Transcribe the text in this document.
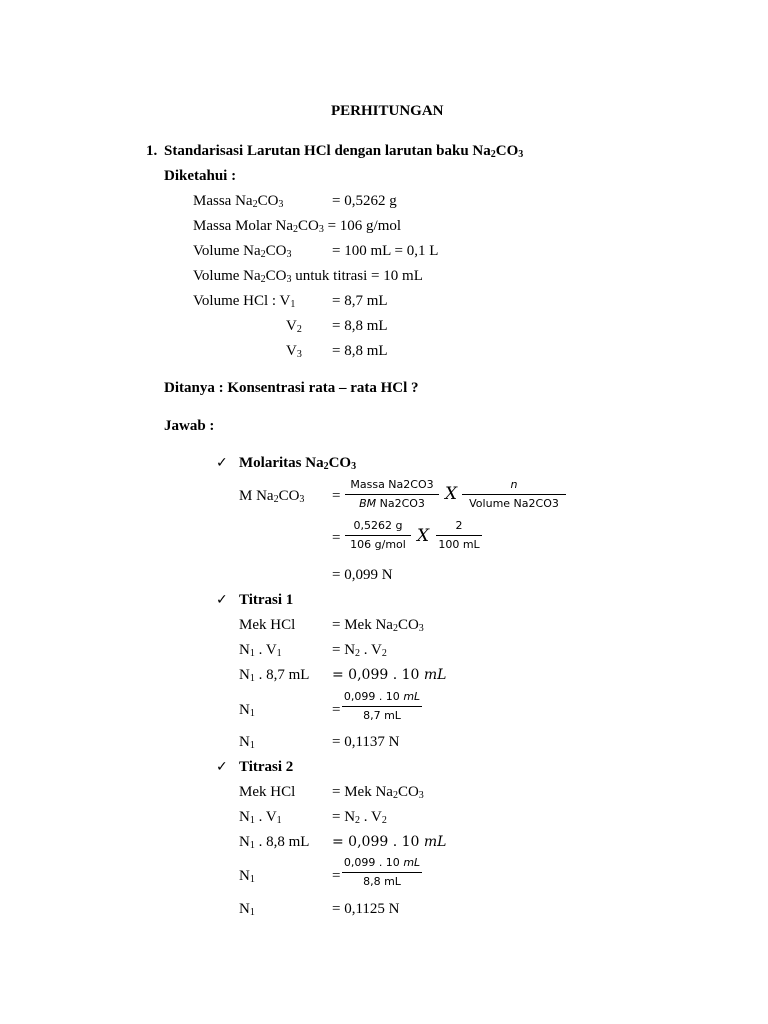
PERHITUNGAN
1. Standarisasi Larutan HCl dengan larutan baku $Na_2CO_3$
Diketahui :
Massa $Na_2CO_3$	= 0,5262 g
Massa Molar $Na_2CO_3 = 106$ g/mol
Volume $Na_2CO_3$	= 100 mL = 0,1 L
Volume $Na_2CO_3$ untuk titrasi = 10 mL
Volume HCl : $V_1 = 8,7$ mL
$V_2 = 8,8$ mL
$V_3 = 8,8$ mL
Ditanya : Konsentrasi rata – rata HCl ?
Jawab :
✓ Molaritas $Na_2CO_3$
M $Na_2CO_3$ =
Massa Na2CO3
BM Na2CO3	X	n
Volume Na2CO3
=
0,5262 g
106 g/mol X $\frac{2}{100 mL}$
= 0,099 N
✓ Titrasi 1
Mek HCl = Mek $Na_2CO_3$
$N_1$ . $V_1$	= $N_2$ . $V_2$
$N_1$ . 8,7 mL = 0,099 . 10 mL
$N_1$	= $\frac{0,099 . 10 mL}{8,7 mL}$
$N_1$	= 0,1137 N
✓ Titrasi 2
Mek HCl = Mek $Na_2CO_3$
$N_1$ . $V_1$	= $N_2$ . $V_2$
$N_1$ . 8,8 mL = 0,099 . 10 mL
$N_1$	= $\frac{0,099 . 10 mL}{8,8 mL}$
$N_1$	= 0,1125 N
